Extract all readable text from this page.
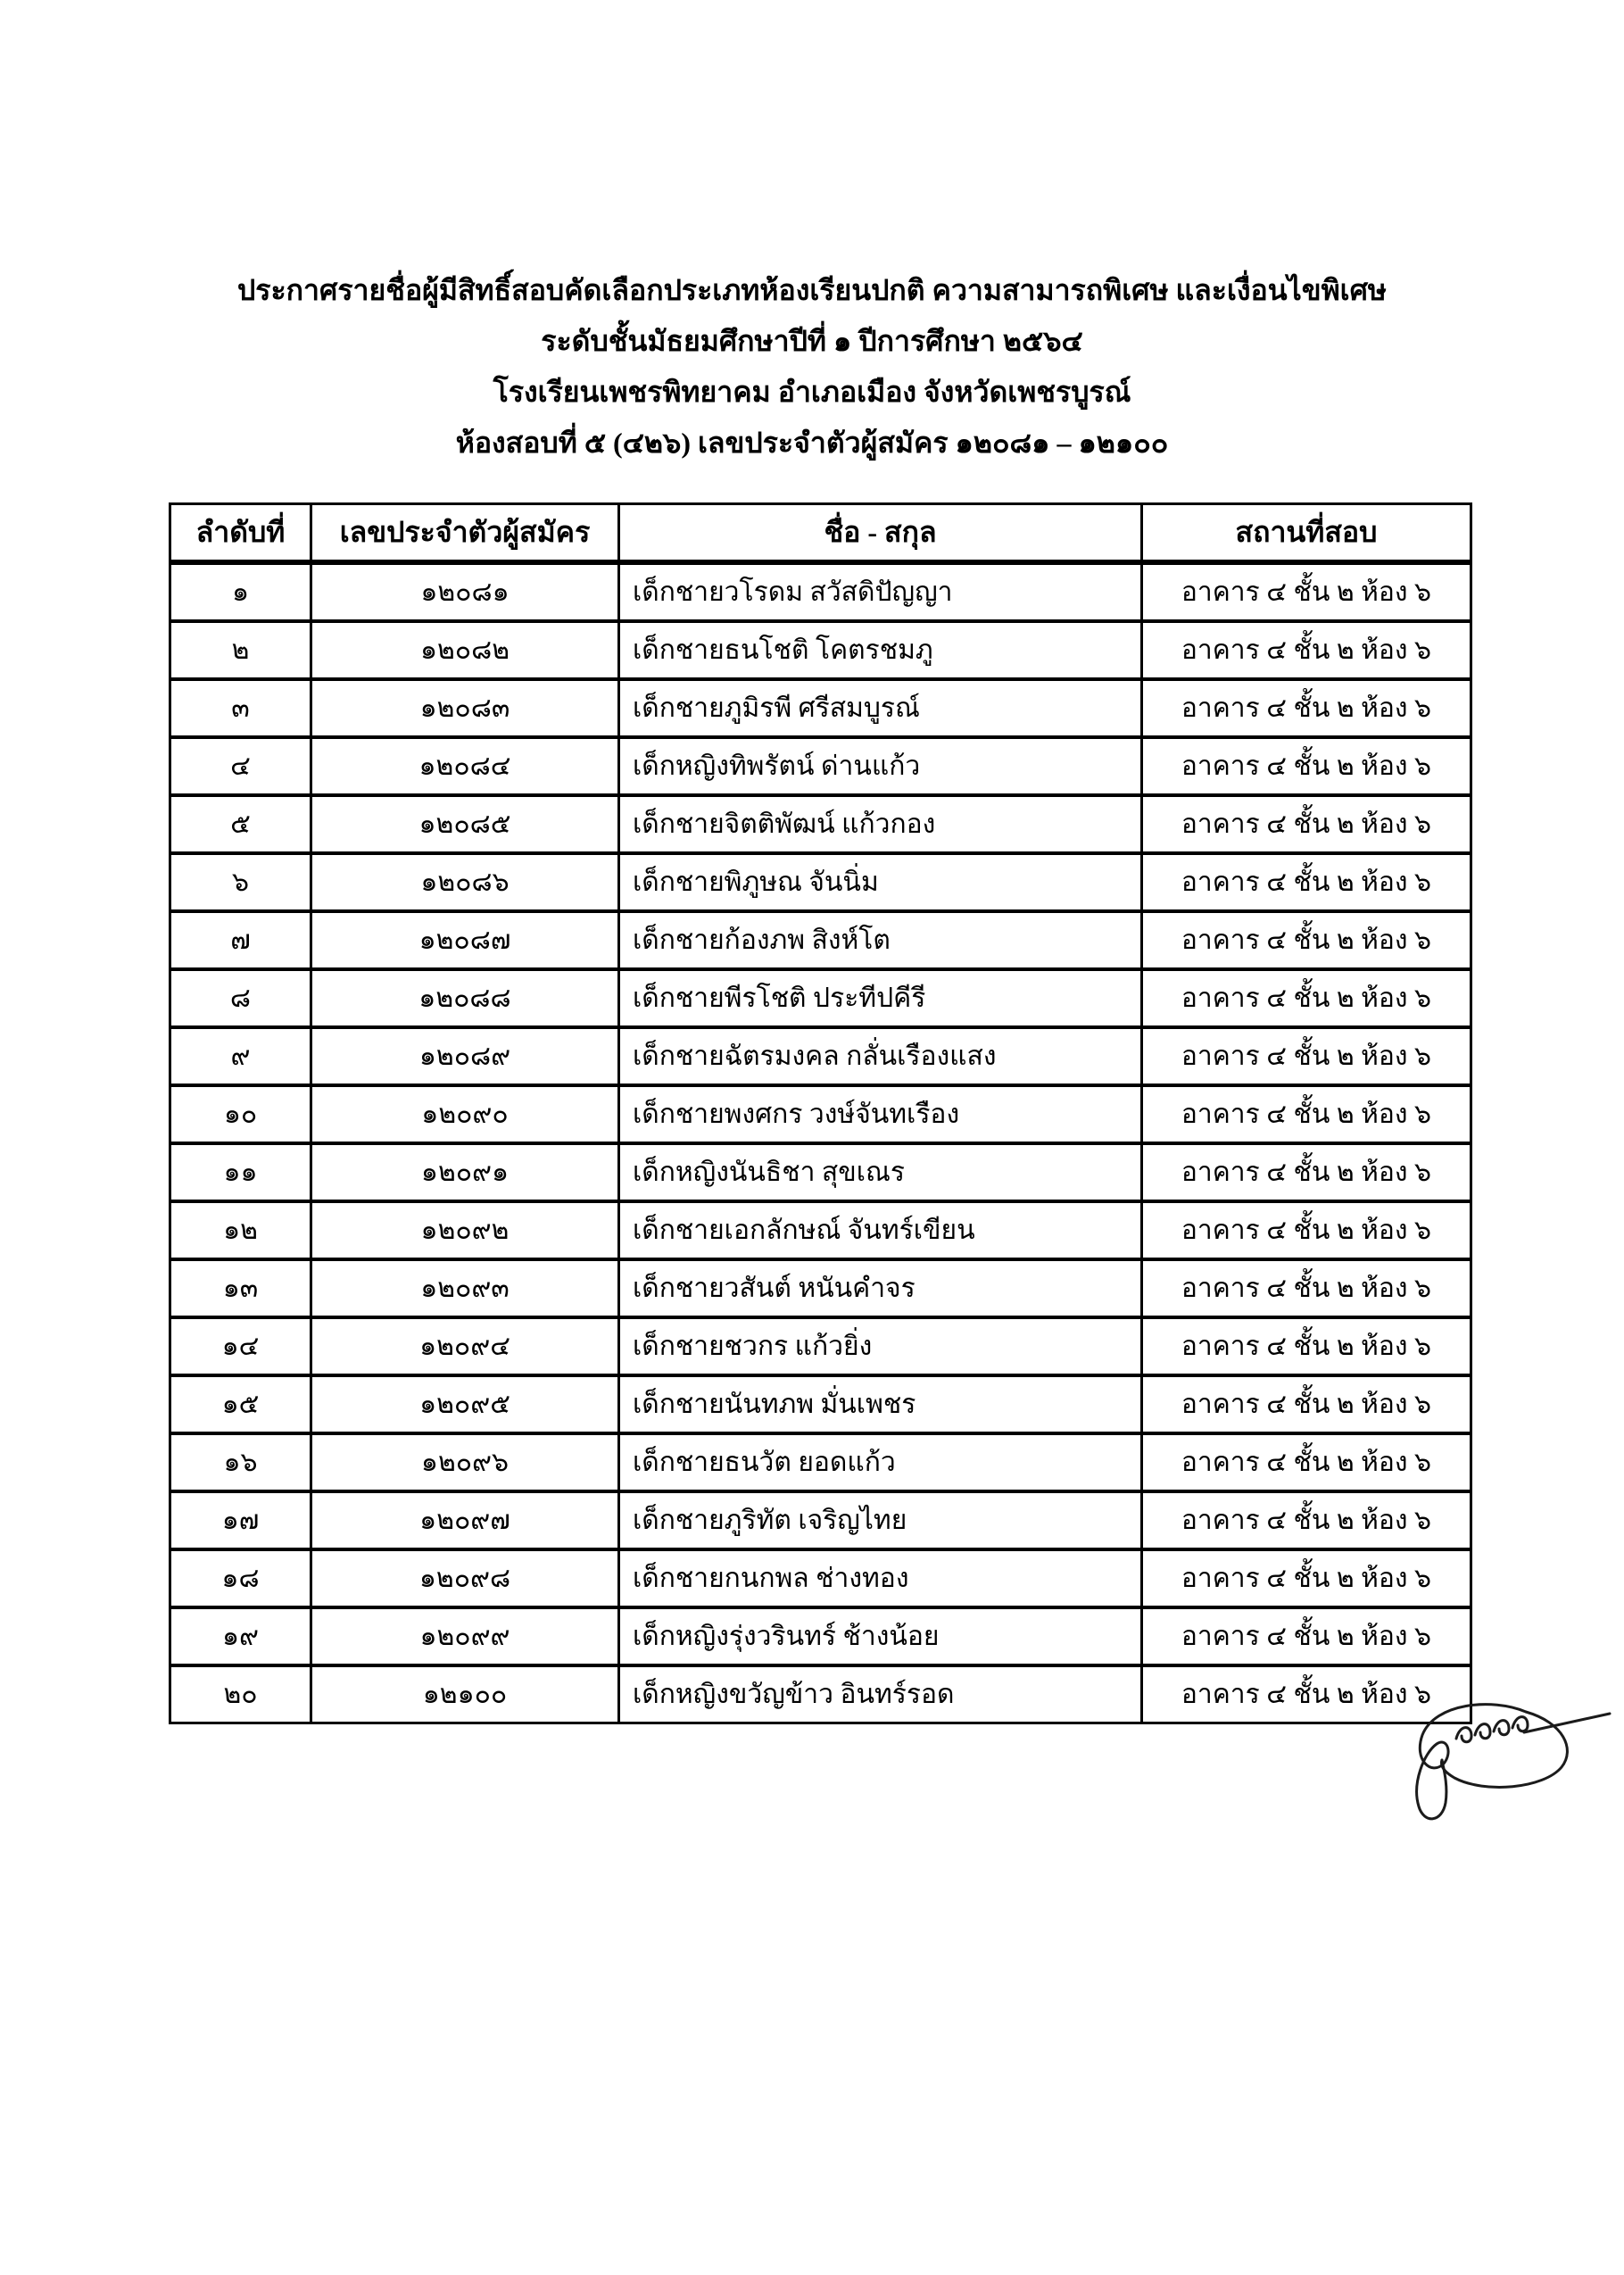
ประกาศรายชื่อผู้มีสิทธิ์สอบคัดเลือกประเภทห้องเรียนปกติ ความสามารถพิเศษ และเงื่อนไขพิเศษ
ระดับชั้นมัธยมศึกษาปีที่ ๑ ปีการศึกษา ๒๕๖๔
โรงเรียนเพชรพิทยาคม อำเภอเมือง จังหวัดเพชรบูรณ์
ห้องสอบที่ ๕ (๔๒๖) เลขประจำตัวผู้สมัคร ๑๒๐๘๑ – ๑๒๑๐๐
ลำดับที่	เลขประจำตัวผู้สมัคร	ชื่อ - สกุล	สถานที่สอบ
๑	๑๒๐๘๑	เด็กชายวโรดม สวัสดิปัญญา	อาคาร ๔ ชั้น ๒ ห้อง ๖
๒	๑๒๐๘๒	เด็กชายธนโชติ โคตรชมภู	อาคาร ๔ ชั้น ๒ ห้อง ๖
๓	๑๒๐๘๓	เด็กชายภูมิรพี ศรีสมบูรณ์	อาคาร ๔ ชั้น ๒ ห้อง ๖
๔	๑๒๐๘๔	เด็กหญิงทิพรัตน์ ด่านแก้ว	อาคาร ๔ ชั้น ๒ ห้อง ๖
๕	๑๒๐๘๕	เด็กชายจิตติพัฒน์ แก้วกอง	อาคาร ๔ ชั้น ๒ ห้อง ๖
๖	๑๒๐๘๖	เด็กชายพิภูษณ จันนิ่ม	อาคาร ๔ ชั้น ๒ ห้อง ๖
๗	๑๒๐๘๗	เด็กชายก้องภพ สิงห์โต	อาคาร ๔ ชั้น ๒ ห้อง ๖
๘	๑๒๐๘๘	เด็กชายพีรโชติ ประทีปคีรี	อาคาร ๔ ชั้น ๒ ห้อง ๖
๙	๑๒๐๘๙	เด็กชายฉัตรมงคล กลั่นเรืองแสง	อาคาร ๔ ชั้น ๒ ห้อง ๖
๑๐	๑๒๐๙๐	เด็กชายพงศกร วงษ์จันทเรือง	อาคาร ๔ ชั้น ๒ ห้อง ๖
๑๑	๑๒๐๙๑	เด็กหญิงนันธิชา สุขเณร	อาคาร ๔ ชั้น ๒ ห้อง ๖
๑๒	๑๒๐๙๒	เด็กชายเอกลักษณ์ จันทร์เขียน	อาคาร ๔ ชั้น ๒ ห้อง ๖
๑๓	๑๒๐๙๓	เด็กชายวสันต์ หนันคำจร	อาคาร ๔ ชั้น ๒ ห้อง ๖
๑๔	๑๒๐๙๔	เด็กชายชวกร แก้วยิ่ง	อาคาร ๔ ชั้น ๒ ห้อง ๖
๑๕	๑๒๐๙๕	เด็กชายนันทภพ มั่นเพชร	อาคาร ๔ ชั้น ๒ ห้อง ๖
๑๖	๑๒๐๙๖	เด็กชายธนวัต ยอดแก้ว	อาคาร ๔ ชั้น ๒ ห้อง ๖
๑๗	๑๒๐๙๗	เด็กชายภูริทัต เจริญไทย	อาคาร ๔ ชั้น ๒ ห้อง ๖
๑๘	๑๒๐๙๘	เด็กชายกนกพล ช่างทอง	อาคาร ๔ ชั้น ๒ ห้อง ๖
๑๙	๑๒๐๙๙	เด็กหญิงรุ่งวรินทร์ ช้างน้อย	อาคาร ๔ ชั้น ๒ ห้อง ๖
๒๐	๑๒๑๐๐	เด็กหญิงขวัญข้าว อินทร์รอด	อาคาร ๔ ชั้น ๒ ห้อง ๖
